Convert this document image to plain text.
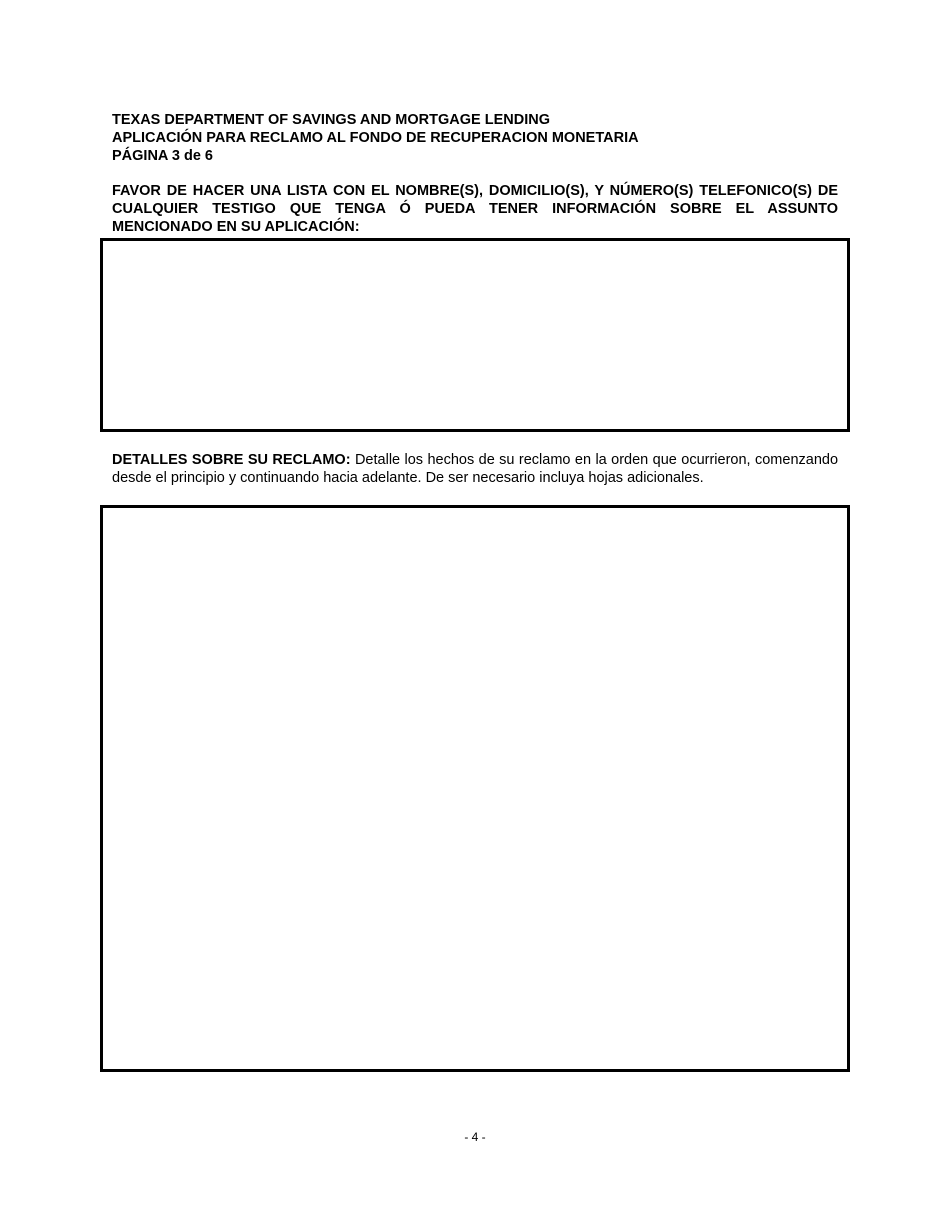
TEXAS DEPARTMENT OF SAVINGS AND MORTGAGE LENDING
APLICACIÓN PARA RECLAMO AL FONDO DE RECUPERACION MONETARIA
PÁGINA 3 de 6
FAVOR DE HACER UNA LISTA CON EL NOMBRE(S), DOMICILIO(S), Y NÚMERO(S) TELEFONICO(S) DE CUALQUIER TESTIGO QUE TENGA Ó PUEDA TENER INFORMACIÓN SOBRE EL ASSUNTO MENCIONADO EN SU APLICACIÓN:
DETALLES SOBRE SU RECLAMO: Detalle los hechos de su reclamo en la orden que ocurrieron, comenzando desde el principio y continuando hacia adelante. De ser necesario incluya hojas adicionales.
- 4 -
